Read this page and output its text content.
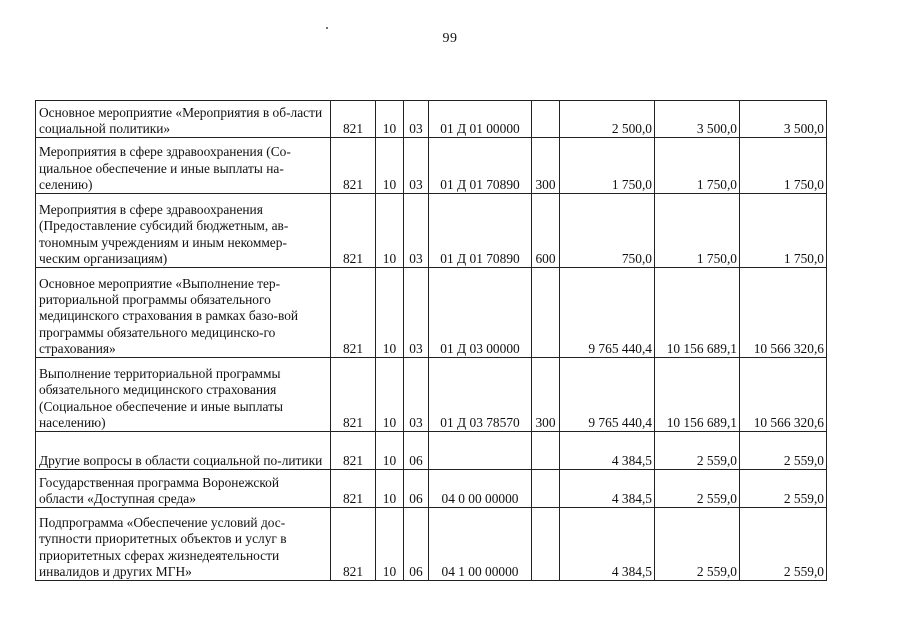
99
Основное мероприятие «Мероприятия в об-ласти социальной политики»	821	10	03	01 Д 01 00000		2 500,0	3 500,0	3 500,0
Мероприятия в сфере здравоохранения (Со-циальное обеспечение и иные выплаты на-селению)	821	10	03	01 Д 01 70890	300	1 750,0	1 750,0	1 750,0
Мероприятия в сфере здравоохранения (Предоставление субсидий бюджетным, ав-тономным учреждениям и иным некоммер-ческим организациям)	821	10	03	01 Д 01 70890	600	750,0	1 750,0	1 750,0
Основное мероприятие «Выполнение тер-риториальной программы обязательного медицинского страхования в рамках базо-вой программы обязательного медицинско-го страхования»	821	10	03	01 Д 03 00000		9 765 440,4	10 156 689,1	10 566 320,6
Выполнение территориальной программы обязательного медицинского страхования (Социальное обеспечение и иные выплаты населению)	821	10	03	01 Д 03 78570	300	9 765 440,4	10 156 689,1	10 566 320,6
Другие вопросы в области социальной по-литики	821	10	06			4 384,5	2 559,0	2 559,0
Государственная программа Воронежской области «Доступная среда»	821	10	06	04 0 00 00000		4 384,5	2 559,0	2 559,0
Подпрограмма «Обеспечение условий дос-тупности приоритетных объектов и услуг в приоритетных сферах жизнедеятельности инвалидов и других МГН»	821	10	06	04 1 00 00000		4 384,5	2 559,0	2 559,0
